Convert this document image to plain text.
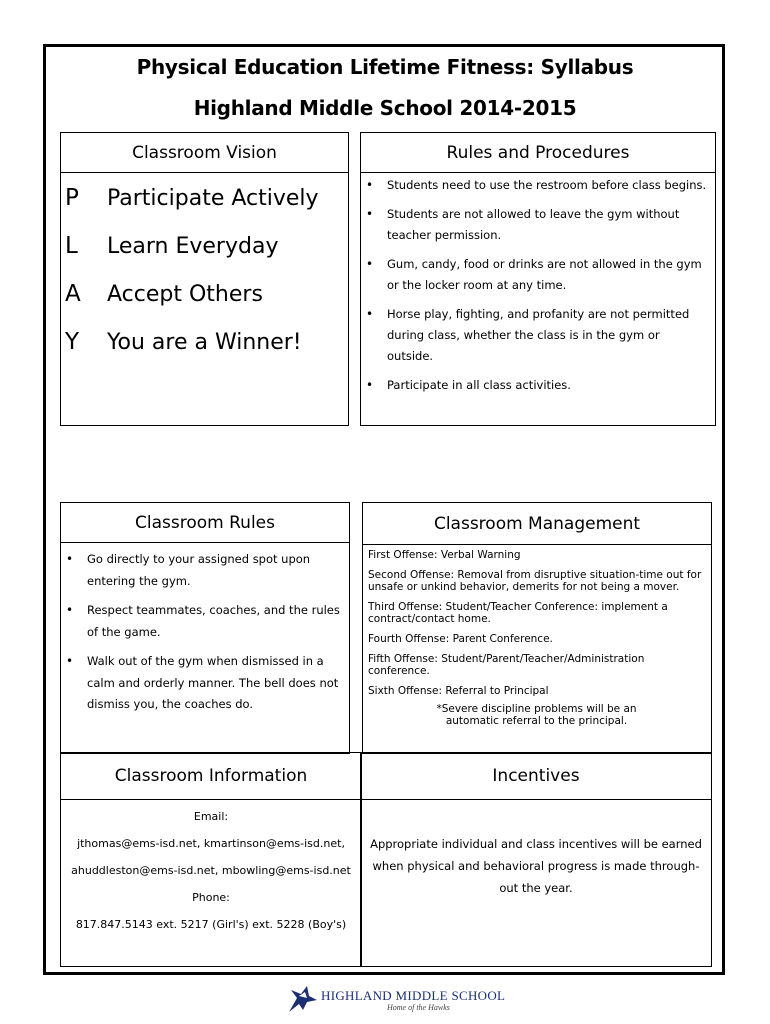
Physical Education Lifetime Fitness: Syllabus
Highland Middle School 2014-2015
Classroom Vision
P	Participate Actively
L	Learn Everyday
A	Accept Others
Y	You are a Winner!
Rules and Procedures
• Students need to use the restroom before class begins.
• Students are not allowed to leave the gym without teacher permission.
• Gum, candy, food or drinks are not allowed in the gym or the locker room at any time.
• Horse play, fighting, and profanity are not permitted during class, whether the class is in the gym or outside.
• Participate in all class activities.
Classroom Rules
• Go directly to your assigned spot upon entering the gym.
• Respect teammates, coaches, and the rules of the game.
• Walk out of the gym when dismissed in a calm and orderly manner. The bell does not dismiss you, the coaches do.
Classroom Management

First Offense: Verbal Warning

Second Offense: Removal from disruptive situation-time out for unsafe or unkind behavior, demerits for not being a mover.

Third Offense: Student/Teacher Conference: implement a contract/contact home.

Fourth Offense: Parent Conference.

Fifth Offense: Student/Parent/Teacher/Administration conference.

Sixth Offense: Referral to Principal

*Severe discipline problems will be an automatic referral to the principal.

Classroom Information
Email:
jthomas@ems-isd.net, kmartinson@ems-isd.net,
ahuddleston@ems-isd.net, mbowling@ems-isd.net
Phone:
817.847.5143 ext. 5217 (Girl's) ext. 5228 (Boy's)
Incentives
Appropriate individual and class incentives will be earned when physical and behavioral progress is made through-out the year.
HIGHLAND MIDDLE SCHOOL
Home of the Hawks
